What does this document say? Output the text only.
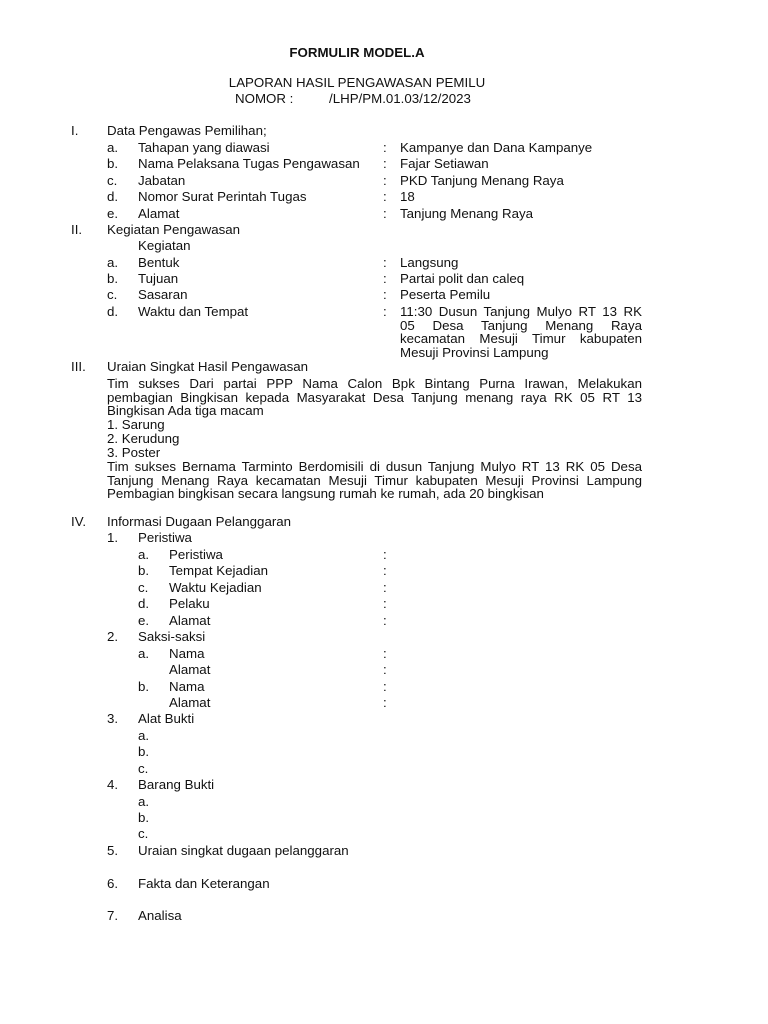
FORMULIR MODEL.A
LAPORAN HASIL PENGAWASAN PEMILU
NOMOR :	/LHP/PM.01.03/12/2023
I. Data Pengawas Pemilihan;
a. Tahapan yang diawasi	: Kampanye dan Dana Kampanye
b. Nama Pelaksana Tugas Pengawasan : Fajar Setiawan
c. Jabatan	: PKD Tanjung Menang Raya
d. Nomor Surat Perintah Tugas	: 18
e. Alamat	: Tanjung Menang Raya
II. Kegiatan Pengawasan
Kegiatan
a. Bentuk	: Langsung
b. Tujuan	: Partai polit dan caleq
c. Sasaran	: Peserta Pemilu
d. Waktu dan Tempat	: 11:30 Dusun Tanjung Mulyo RT 13 RK 05 Desa Tanjung Menang Raya kecamatan Mesuji Timur kabupaten Mesuji Provinsi Lampung
III. Uraian Singkat Hasil Pengawasan
Tim sukses Dari partai PPP Nama Calon Bpk Bintang Purna Irawan, Melakukan pembagian Bingkisan kepada Masyarakat Desa Tanjung menang raya RK 05 RT 13 Bingkisan Ada tiga macam
1. Sarung
2. Kerudung
3. Poster
Tim sukses Bernama Tarminto Berdomisili di dusun Tanjung Mulyo RT 13 RK 05 Desa Tanjung Menang Raya kecamatan Mesuji Timur kabupaten Mesuji Provinsi Lampung Pembagian bingkisan secara langsung rumah ke rumah, ada 20 bingkisan
IV. Informasi Dugaan Pelanggaran
1. Peristiwa
a. Peristiwa	:
b. Tempat Kejadian	:
c. Waktu Kejadian	:
d. Pelaku	:
e. Alamat	:
2. Saksi-saksi
a. Nama	:
Alamat	:
b. Nama	:
Alamat	:
3. Alat Bukti
a.
b.
c.
4. Barang Bukti
a.
b.
c.
5. Uraian singkat dugaan pelanggaran
6. Fakta dan Keterangan
7. Analisa
